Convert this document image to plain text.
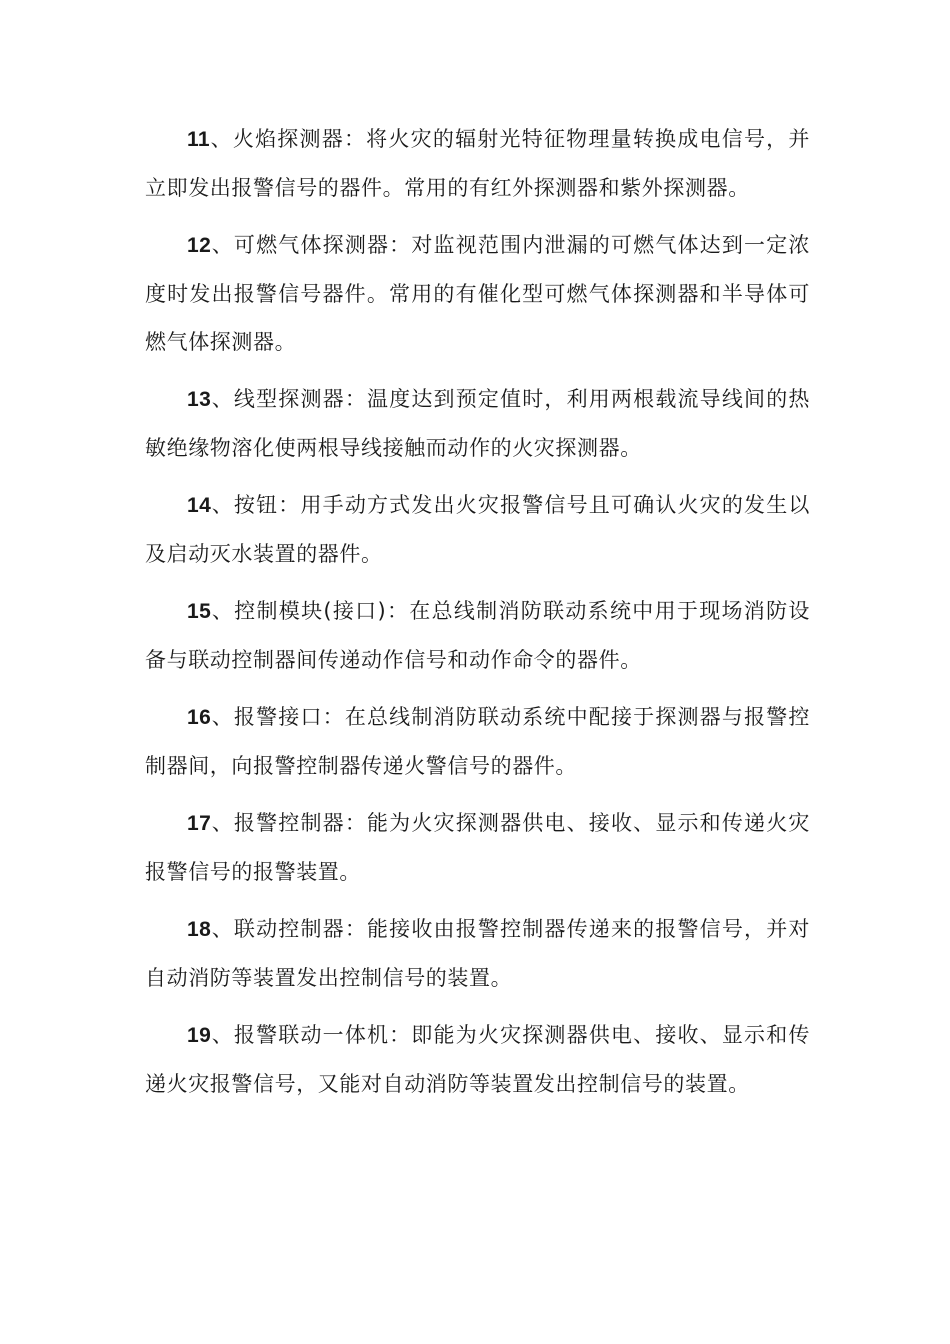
11、火焰探测器：将火灾的辐射光特征物理量转换成电信号，并立即发出报警信号的器件。常用的有红外探测器和紫外探测器。

12、可燃气体探测器：对监视范围内泄漏的可燃气体达到一定浓度时发出报警信号器件。常用的有催化型可燃气体探测器和半导体可燃气体探测器。

13、线型探测器：温度达到预定值时，利用两根载流导线间的热敏绝缘物溶化使两根导线接触而动作的火灾探测器。

14、按钮：用手动方式发出火灾报警信号且可确认火灾的发生以及启动灭水装置的器件。

15、控制模块(接口)：在总线制消防联动系统中用于现场消防设备与联动控制器间传递动作信号和动作命令的器件。

16、报警接口：在总线制消防联动系统中配接于探测器与报警控制器间，向报警控制器传递火警信号的器件。

17、报警控制器：能为火灾探测器供电、接收、显示和传递火灾报警信号的报警装置。

18、联动控制器：能接收由报警控制器传递来的报警信号，并对自动消防等装置发出控制信号的装置。

19、报警联动一体机：即能为火灾探测器供电、接收、显示和传递火灾报警信号，又能对自动消防等装置发出控制信号的装置。
